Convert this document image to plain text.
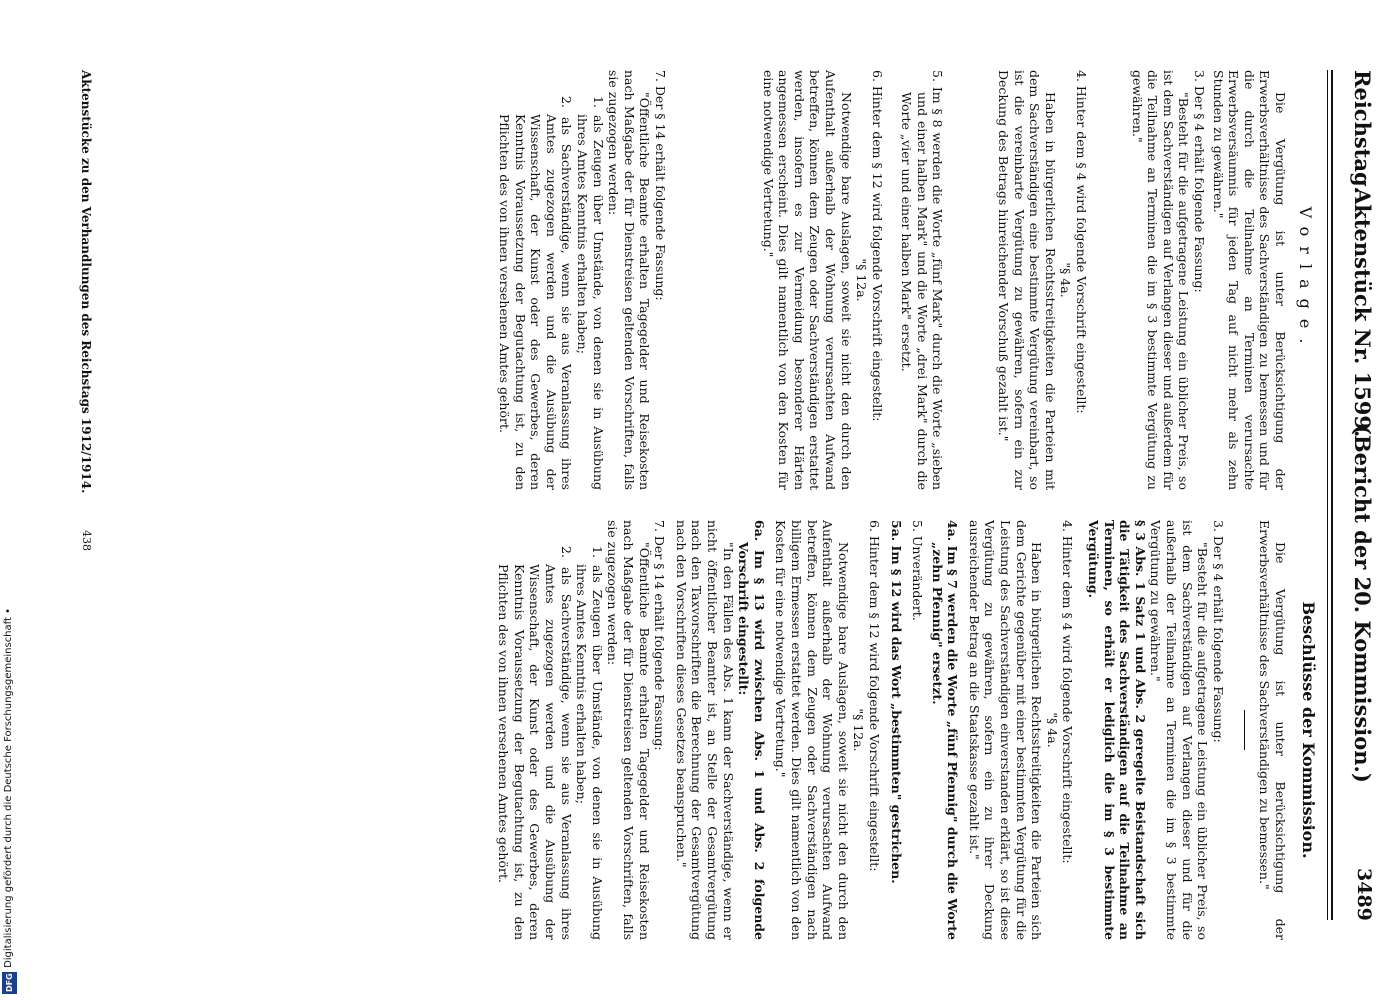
Reichstag.
Aktenstück Nr. 1599.
(Bericht der 20. Kommission.)
3489
Vorlage.

Die Vergütung ist unter Berücksichtigung der Erwerbsverhältnisse des Sachverständigen zu bemessen und für die durch die Teilnahme an Terminen verursachte Erwerbsversäumnis für jeden Tag auf nicht mehr als zehn Stunden zu gewähren."

3. Der § 4 erhält folgende Fassung:

"Besteht für die aufgetragene Leistung ein üblicher Preis, so ist dem Sachverständigen auf Verlangen dieser und außerdem für die Teilnahme an Terminen die im § 3 bestimmte Vergütung zu gewähren."

4. Hinter dem § 4 wird folgende Vorschrift eingestellt:

"§ 4a.

Haben in bürgerlichen Rechtsstreitigkeiten die Parteien mit dem Sachverständigen eine bestimmte Vergütung vereinbart, so ist die vereinbarte Vergütung zu gewähren, sofern ein zur Deckung des Betrags hinreichender Vorschuß gezahlt ist."

5. Im § 8 werden die Worte „fünf Mark" durch die Worte „sieben und einer halben Mark" und die Worte „drei Mark" durch die Worte „vier und einer halben Mark" ersetzt.

6. Hinter dem § 12 wird folgende Vorschrift eingestellt:

"§ 12a.

Notwendige bare Auslagen, soweit sie nicht den durch den Aufenthalt außerhalb der Wohnung verursachten Aufwand betreffen, können dem Zeugen oder Sachverständigen erstattet werden, insofern es zur Vermeidung besonderer Härten angemessen erscheint. Dies gilt namentlich von den Kosten für eine notwendige Vertretung."

7. Der § 14 erhält folgende Fassung:

"Öffentliche Beamte erhalten Tagegelder und Reisekosten nach Maßgabe der für Dienstreisen geltenden Vorschriften, falls sie zugezogen werden:

1. als Zeugen über Umstände, von denen sie in Ausübung ihres Amtes Kenntnis erhalten haben;

2. als Sachverständige, wenn sie aus Veranlassung ihres Amtes zugezogen werden und die Ausübung der Wissenschaft, der Kunst oder des Gewerbes, deren Kenntnis Voraussetzung der Begutachtung ist, zu den Pflichten des von ihnen versehenen Amtes gehört.

Aktenstücke zu den Verhandlungen des Reichstags 1912/1914.
Beschlüsse der Kommission.

Die Vergütung ist unter Berücksichtigung der Erwerbsverhältnisse des Sachverständigen zu bemessen."

3. Der § 4 erhält folgende Fassung:

"Besteht für die aufgetragene Leistung ein üblicher Preis, so ist dem Sachverständigen auf Verlangen dieser und für die außerhalb der Teilnahme an Terminen die im § 3 bestimmte Vergütung zu gewähren."

§ 3 Abs. 1 Satz 1 und Abs. 2 geregelte Beistandschaft sich die Tätigkeit des Sachverständigen auf die Teilnahme an Terminen, so erhält er lediglich die im § 3 bestimmte Vergütung.

4. Hinter dem § 4 wird folgende Vorschrift eingestellt:

"§ 4a.

Haben in bürgerlichen Rechtsstreitigkeiten die Parteien sich dem Gerichte gegenüber mit einer bestimmten Vergütung für die Leistung des Sachverständigen einverstanden erklärt, so ist diese Vergütung zu gewähren, sofern ein zu ihrer Deckung ausreichender Betrag an die Staatskasse gezahlt ist."

4a. Im § 7 werden die Worte „fünf Pfennig" durch die Worte „zehn Pfennig" ersetzt.

5. Unverändert.

5a. Im § 12 wird das Wort „bestimmten" gestrichen.

6. Hinter dem § 12 wird folgende Vorschrift eingestellt:

"§ 12a.

Notwendige bare Auslagen, soweit sie nicht den durch den Aufenthalt außerhalb der Wohnung verursachten Aufwand betreffen, können dem Zeugen oder Sachverständigen nach billigem Ermessen erstattet werden. Dies gilt namentlich von den Kosten für eine notwendige Vertretung."

6a. Im § 13 wird zwischen Abs. 1 und Abs. 2 folgende Vorschrift eingestellt:

"In den Fällen des Abs. 1 kann der Sachverständige, wenn er nicht öffentlicher Beamter ist, an Stelle der Gesamtvergütung nach den Taxvorschriften die Berechnung der Gesamtvergütung nach den Vorschriften dieses Gesetzes beanspruchen."

7. Der § 14 erhält folgende Fassung:

"Öffentliche Beamte erhalten Tagegelder und Reisekosten nach Maßgabe der für Dienstreisen geltenden Vorschriften, falls sie zugezogen werden:

1. als Zeugen über Umstände, von denen sie in Ausübung ihres Amtes Kenntnis erhalten haben;

2. als Sachverständige, wenn sie aus Veranlassung ihres Amtes zugezogen werden und die Ausübung der Wissenschaft, der Kunst oder des Gewerbes, deren Kenntnis Voraussetzung der Begutachtung ist, zu den Pflichten des von ihnen versehenen Amtes gehört.

438
Digitalisierung gefördert durch die Deutsche Forschungsgemeinschaft •
DFG
